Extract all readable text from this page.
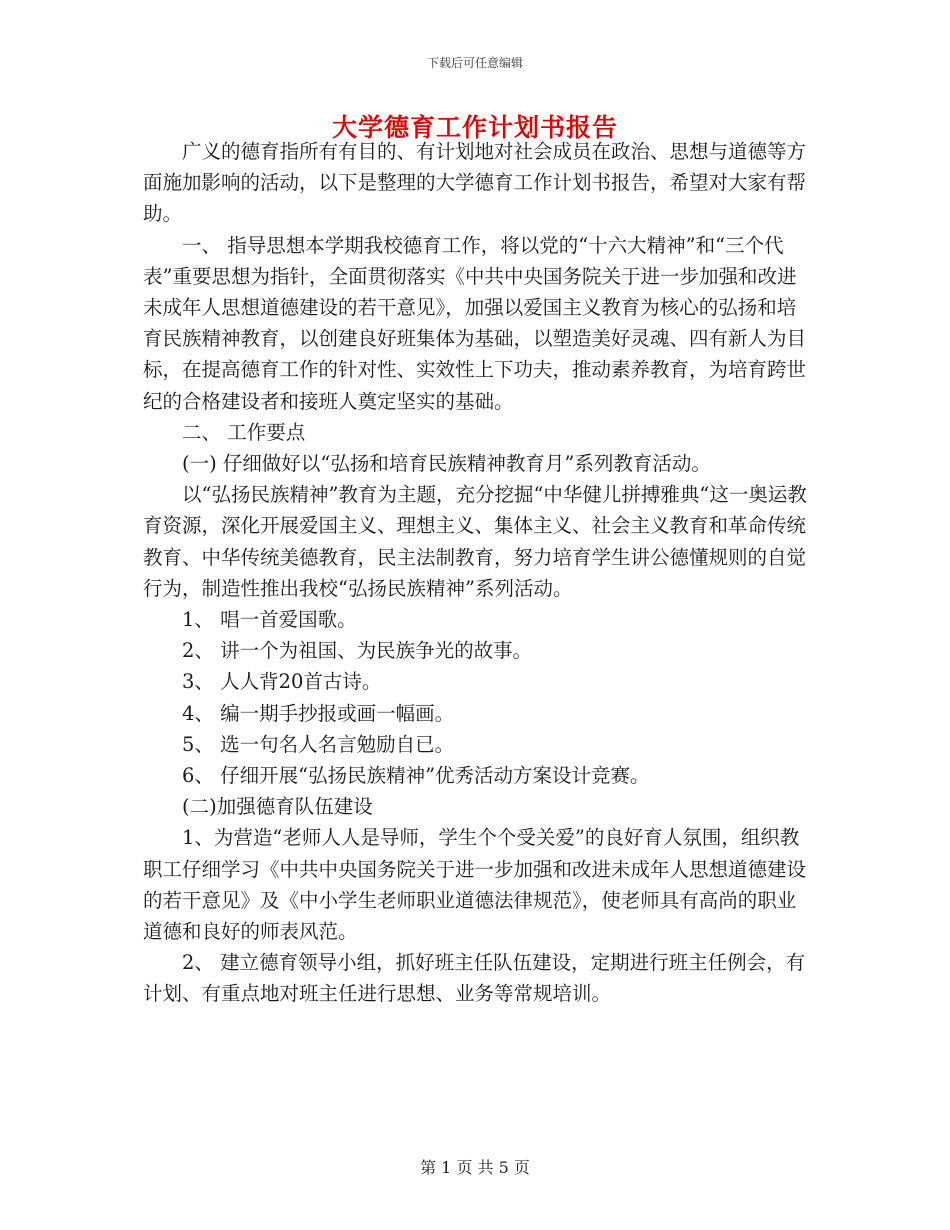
下载后可任意编辑
大学德育工作计划书报告

广义的德育指所有有目的、有计划地对社会成员在政治、思想与道德等方面施加影响的活动，以下是整理的大学德育工作计划书报告，希望对大家有帮助。

一、 指导思想本学期我校德育工作，将以党的“十六大精神”和“三个代表”重要思想为指针，全面贯彻落实《中共中央国务院关于进一步加强和改进未成年人思想道德建设的若干意见》，加强以爱国主义教育为核心的弘扬和培育民族精神教育，以创建良好班集体为基础，以塑造美好灵魂、四有新人为目标，在提高德育工作的针对性、实效性上下功夫，推动素养教育，为培育跨世纪的合格建设者和接班人奠定坚实的基础。

二、 工作要点

(一) 仔细做好以“弘扬和培育民族精神教育月”系列教育活动。

以“弘扬民族精神”教育为主题，充分挖掘“中华健儿拼搏雅典“这一奥运教育资源，深化开展爱国主义、理想主义、集体主义、社会主义教育和革命传统教育、中华传统美德教育，民主法制教育，努力培育学生讲公德懂规则的自觉行为，制造性推出我校“弘扬民族精神”系列活动。

1、 唱一首爱国歌。

2、 讲一个为祖国、为民族争光的故事。

3、 人人背20首古诗。

4、 编一期手抄报或画一幅画。

5、 选一句名人名言勉励自已。

6、 仔细开展“弘扬民族精神”优秀活动方案设计竞赛。

(二)加强德育队伍建设

1、为营造“老师人人是导师，学生个个受关爱”的良好育人氛围，组织教职工仔细学习《中共中央国务院关于进一步加强和改进未成年人思想道德建设的若干意见》及《中小学生老师职业道德法律规范》，使老师具有高尚的职业道德和良好的师表风范。

2、 建立德育领导小组，抓好班主任队伍建设，定期进行班主任例会，有计划、有重点地对班主任进行思想、业务等常规培训。

第 1 页 共 5 页
